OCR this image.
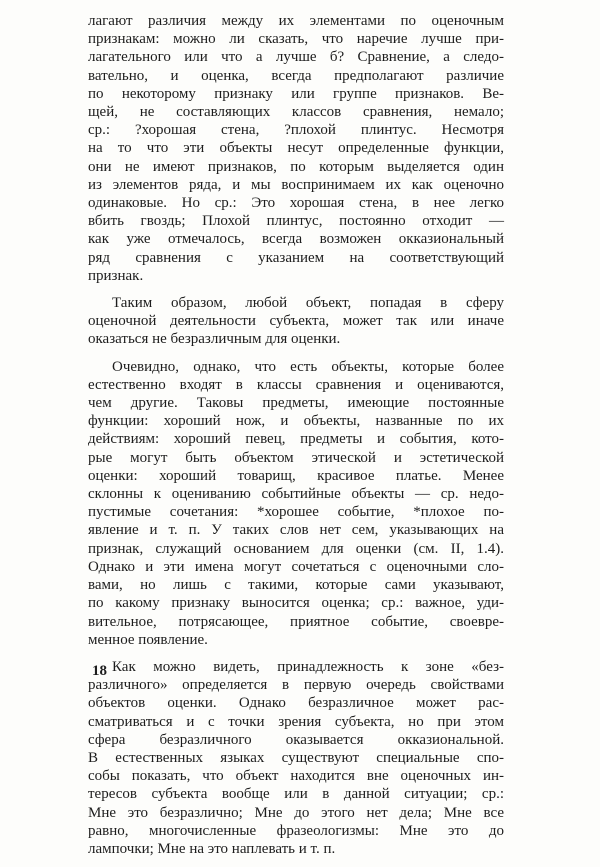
лагают различия между их элементами по оценочным
признакам: можно ли сказать, что наречие лучше при-
лагательного или что а лучше б? Сравнение, а следо-
вательно, и оценка, всегда предполагают различие
по некоторому признаку или группе признаков. Ве-
щей, не составляющих классов сравнения, немало;
ср.: ?хорошая стена, ?плохой плинтус. Несмотря
на то что эти объекты несут определенные функции,
они не имеют признаков, по которым выделяется один
из элементов ряда, и мы воспринимаем их как оценочно
одинаковые. Но ср.: Это хорошая стена, в нее легко
вбить гвоздь; Плохой плинтус, постоянно отходит —
как уже отмечалось, всегда возможен окказиональный
ряд сравнения с указанием на соответствующий
признак.
Таким образом, любой объект, попадая в сферу
оценочной деятельности субъекта, может так или иначе
оказаться не безразличным для оценки.
Очевидно, однако, что есть объекты, которые более
естественно входят в классы сравнения и оцениваются,
чем другие. Таковы предметы, имеющие постоянные
функции: хороший нож, и объекты, названные по их
действиям: хороший певец, предметы и события, кото-
рые могут быть объектом этической и эстетической
оценки: хороший товарищ, красивое платье. Менее
склонны к оцениванию событийные объекты — ср. недо-
пустимые сочетания: *хорошее событие, *плохое по-
явление и т. п. У таких слов нет сем, указывающих на
признак, служащий основанием для оценки (см. II, 1.4).
Однако и эти имена могут сочетаться с оценочными сло-
вами, но лишь с такими, которые сами указывают,
по какому признаку выносится оценка; ср.: важное, уди-
вительное, потрясающее, приятное событие, своевре-
менное появление.
Как можно видеть, принадлежность к зоне «без-
различного» определяется в первую очередь свойствами
объектов оценки. Однако безразличное может рас-
сматриваться и с точки зрения субъекта, но при этом
сфера безразличного оказывается окказиональной.
В естественных языках существуют специальные спо-
собы показать, что объект находится вне оценочных ин-
тересов субъекта вообще или в данной ситуации; ср.:
Мне это безразлично; Мне до этого нет дела; Мне все
равно, многочисленные фразеологизмы: Мне это до
лампочки; Мне на это наплевать и т. п.
18
